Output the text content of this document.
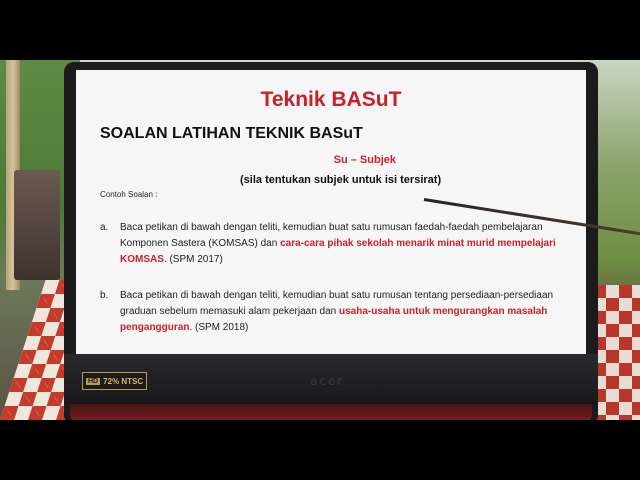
Teknik BASuT
SOALAN LATIHAN TEKNIK BASuT
Su – Subjek
(sila tentukan subjek untuk isi tersirat)
Contoh Soalan :
a. Baca petikan di bawah dengan teliti, kemudian buat satu rumusan faedah-faedah pembelajaran Komponen Sastera (KOMSAS) dan cara-cara pihak sekolah menarik minat murid mempelajari KOMSAS. (SPM 2017)
b. Baca petikan di bawah dengan teliti, kemudian buat satu rumusan tentang persediaan-persediaan graduan sebelum memasuki alam pekerjaan dan usaha-usaha untuk mengurangkan masalah pengangguran. (SPM 2018)
HD 72% NTSC	acer
